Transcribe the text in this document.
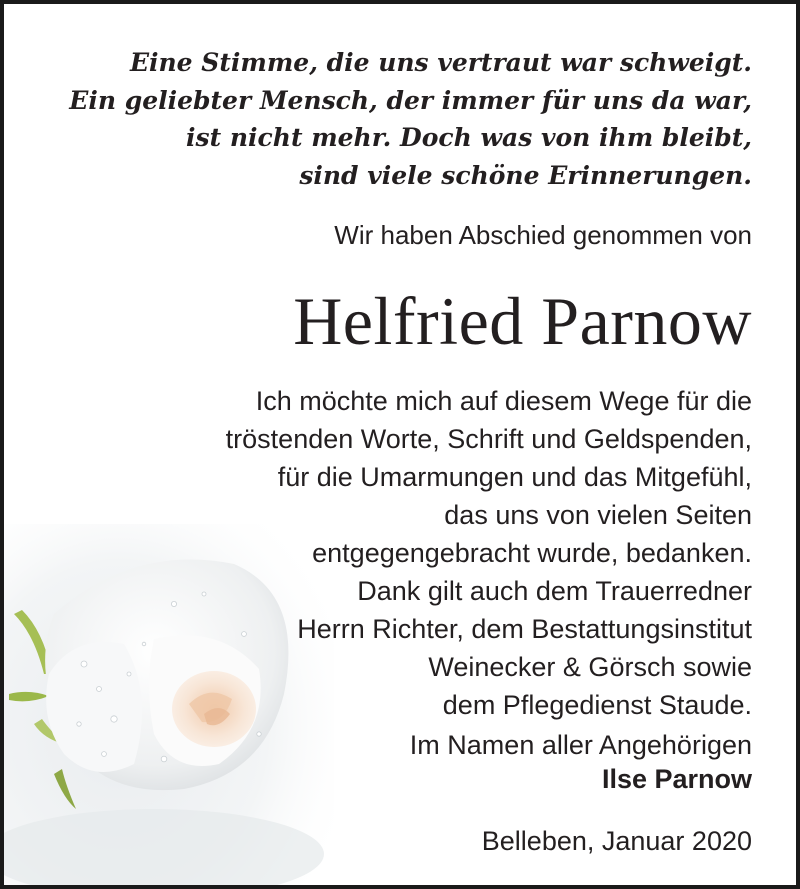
Eine Stimme, die uns vertraut war schweigt.
Ein geliebter Mensch, der immer für uns da war,
ist nicht mehr. Doch was von ihm bleibt,
sind viele schöne Erinnerungen.
Wir haben Abschied genommen von
Helfried Parnow
Ich möchte mich auf diesem Wege für die
tröstenden Worte, Schrift und Geldspenden,
für die Umarmungen und das Mitgefühl,
das uns von vielen Seiten
entgegengebracht wurde, bedanken.
Dank gilt auch dem Trauerredner
Herrn Richter, dem Bestattungsinstitut
Weinecker & Görsch sowie
dem Pflegedienst Staude.
Im Namen aller Angehörigen
Ilse Parnow
Belleben, Januar 2020
